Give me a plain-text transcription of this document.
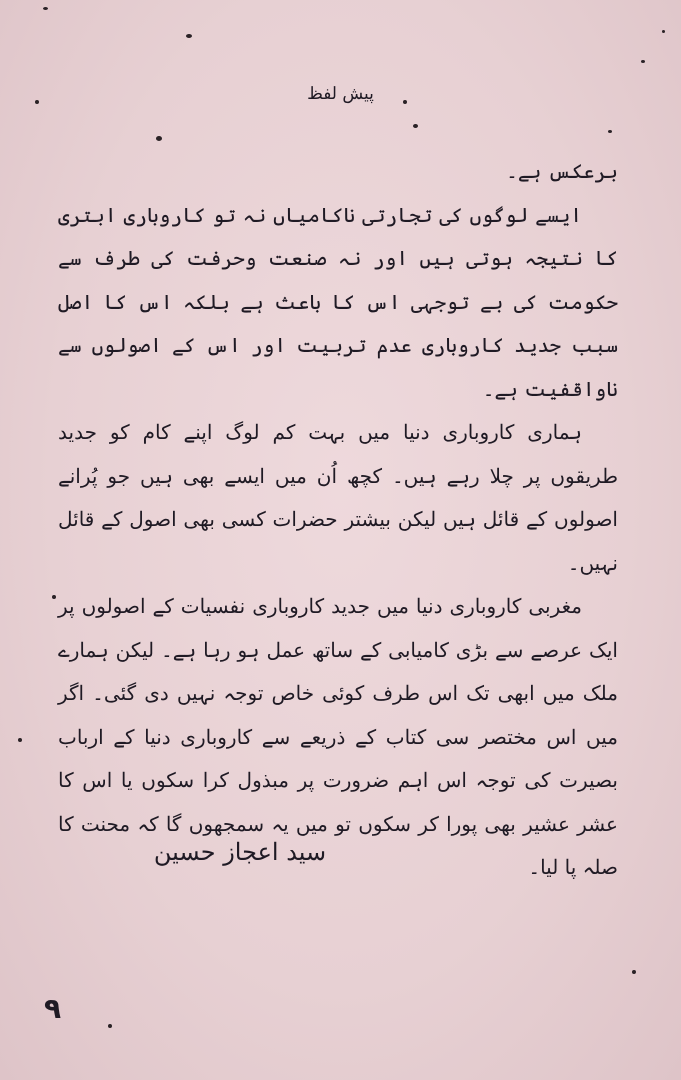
پیش لفظ

برعکس ہے۔

ایسے لوگوں کی تجارتی ناکامیاں نہ تو کاروباری ابتری کا نتیجہ ہوتی ہیں اور نہ صنعت وحرفت کی طرف سے حکومت کی بے توجہی اس کا باعث ہے بلکہ اس کا اصل سبب جدید کاروباری عدم تربیت اور اس کے اصولوں سے ناواقفیت ہے۔

ہماری کاروباری دنیا میں بہت کم لوگ اپنے کام کو جدید طریقوں پر چلا رہے ہیں۔ کچھ اُن میں ایسے بھی ہیں جو پُرانے اصولوں کے قائل ہیں لیکن بیشتر حضرات کسی بھی اصول کے قائل نہیں۔

مغربی کاروباری دنیا میں جدید کاروباری نفسیات کے اصولوں پر ایک عرصے سے بڑی کامیابی کے ساتھ عمل ہو رہا ہے۔ لیکن ہمارے ملک میں ابھی تک اس طرف کوئی خاص توجہ نہیں دی گئی۔ اگر میں اس مختصر سی کتاب کے ذریعے سے کاروباری دنیا کے ارباب بصیرت کی توجہ اس اہم ضرورت پر مبذول کرا سکوں یا اس کا عشر عشیر بھی پورا کر سکوں تو میں یہ سمجھوں گا کہ محنت کا صلہ پا لیا۔

سید اعجاز حسین
۹
